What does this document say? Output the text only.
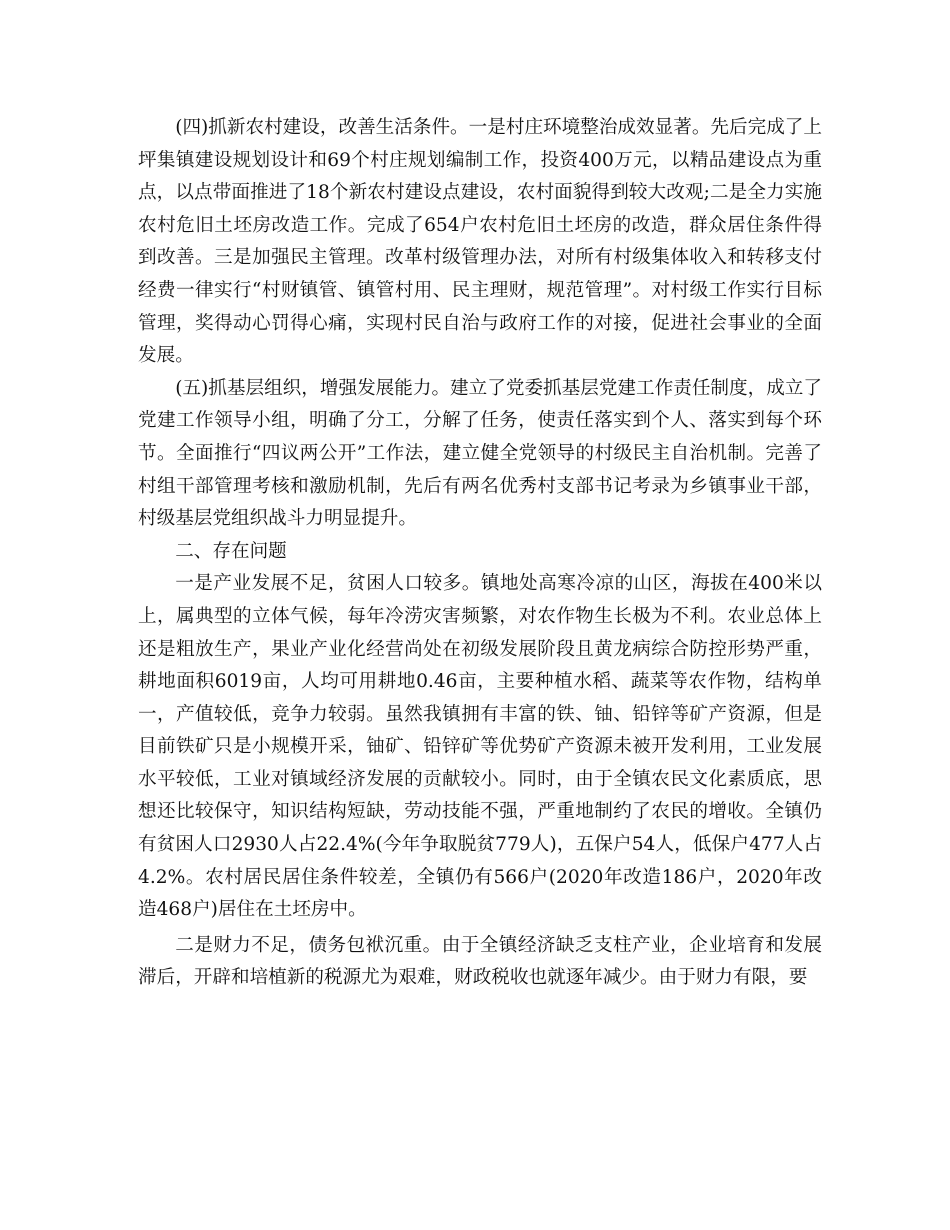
(四)抓新农村建设，改善生活条件。一是村庄环境整治成效显著。先后完成了上坪集镇建设规划设计和69个村庄规划编制工作，投资400万元，以精品建设点为重点，以点带面推进了18个新农村建设点建设，农村面貌得到较大改观;二是全力实施农村危旧土坯房改造工作。完成了654户农村危旧土坯房的改造，群众居住条件得到改善。三是加强民主管理。改革村级管理办法，对所有村级集体收入和转移支付经费一律实行“村财镇管、镇管村用、民主理财，规范管理”。对村级工作实行目标管理，奖得动心罚得心痛，实现村民自治与政府工作的对接，促进社会事业的全面发展。

(五)抓基层组织，增强发展能力。建立了党委抓基层党建工作责任制度，成立了党建工作领导小组，明确了分工，分解了任务，使责任落实到个人、落实到每个环节。全面推行“四议两公开”工作法，建立健全党领导的村级民主自治机制。完善了村组干部管理考核和激励机制，先后有两名优秀村支部书记考录为乡镇事业干部，村级基层党组织战斗力明显提升。

二、存在问题

一是产业发展不足，贫困人口较多。镇地处高寒冷凉的山区，海拔在400米以上，属典型的立体气候，每年冷涝灾害频繁，对农作物生长极为不利。农业总体上还是粗放生产，果业产业化经营尚处在初级发展阶段且黄龙病综合防控形势严重，耕地面积6019亩，人均可用耕地0.46亩，主要种植水稻、蔬菜等农作物，结构单一，产值较低，竞争力较弱。虽然我镇拥有丰富的铁、铀、铅锌等矿产资源，但是目前铁矿只是小规模开采，铀矿、铅锌矿等优势矿产资源未被开发利用，工业发展水平较低，工业对镇域经济发展的贡献较小。同时，由于全镇农民文化素质底，思想还比较保守，知识结构短缺，劳动技能不强，严重地制约了农民的增收。全镇仍有贫困人口2930人占22.4%(今年争取脱贫779人)，五保户54人，低保户477人占4.2%。农村居民居住条件较差，全镇仍有566户(2020年改造186户，2020年改造468户)居住在土坯房中。

二是财力不足，债务包袱沉重。由于全镇经济缺乏支柱产业，企业培育和发展滞后，开辟和培植新的税源尤为艰难，财政税收也就逐年减少。由于财力有限，要
